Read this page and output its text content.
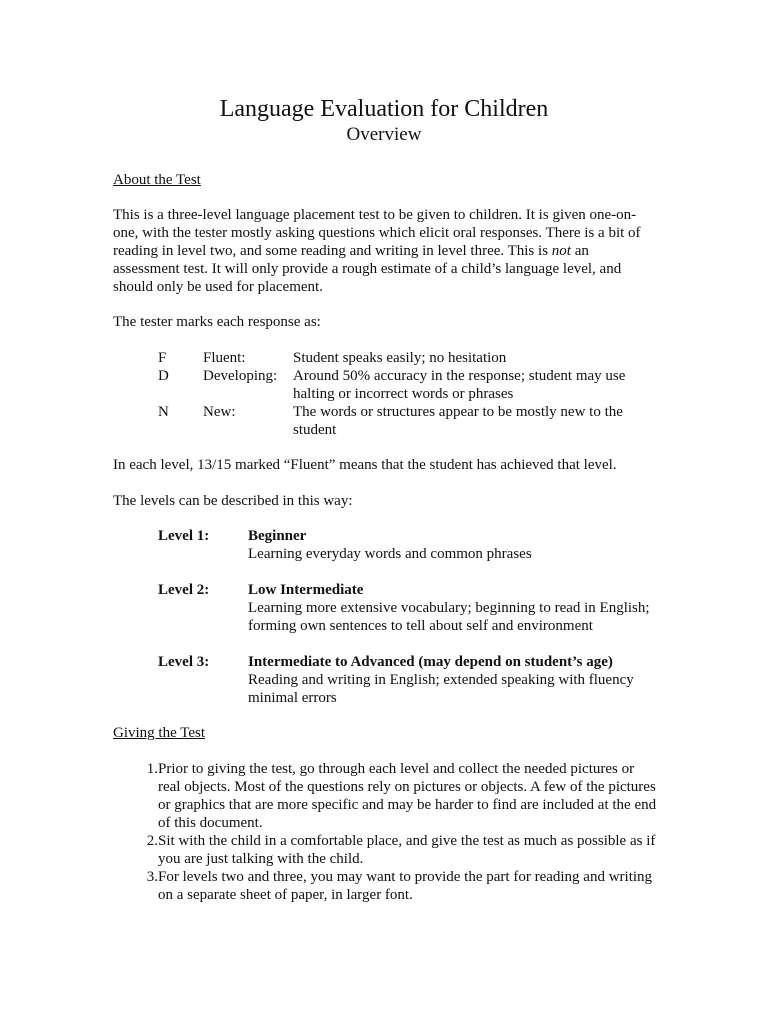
Language Evaluation for Children
Overview
About the Test
This is a three-level language placement test to be given to children. It is given one-on-one, with the tester mostly asking questions which elicit oral responses. There is a bit of reading in level two, and some reading and writing in level three. This is not an assessment test. It will only provide a rough estimate of a child’s language level, and should only be used for placement.
The tester marks each response as:
F	Fluent:	Student speaks easily; no hesitation
D	Developing:	Around 50% accuracy in the response; student may use halting or incorrect words or phrases
N	New:	The words or structures appear to be mostly new to the student
In each level, 13/15 marked “Fluent” means that the student has achieved that level.
The levels can be described in this way:
Level 1:	Beginner
Learning everyday words and common phrases
Level 2:	Low Intermediate
Learning more extensive vocabulary; beginning to read in English; forming own sentences to tell about self and environment
Level 3:	Intermediate to Advanced (may depend on student’s age)
Reading and writing in English; extended speaking with fluency minimal errors
Giving the Test
1. Prior to giving the test, go through each level and collect the needed pictures or real objects. Most of the questions rely on pictures or objects. A few of the pictures or graphics that are more specific and may be harder to find are included at the end of this document.
2. Sit with the child in a comfortable place, and give the test as much as possible as if you are just talking with the child.
3. For levels two and three, you may want to provide the part for reading and writing on a separate sheet of paper, in larger font.
